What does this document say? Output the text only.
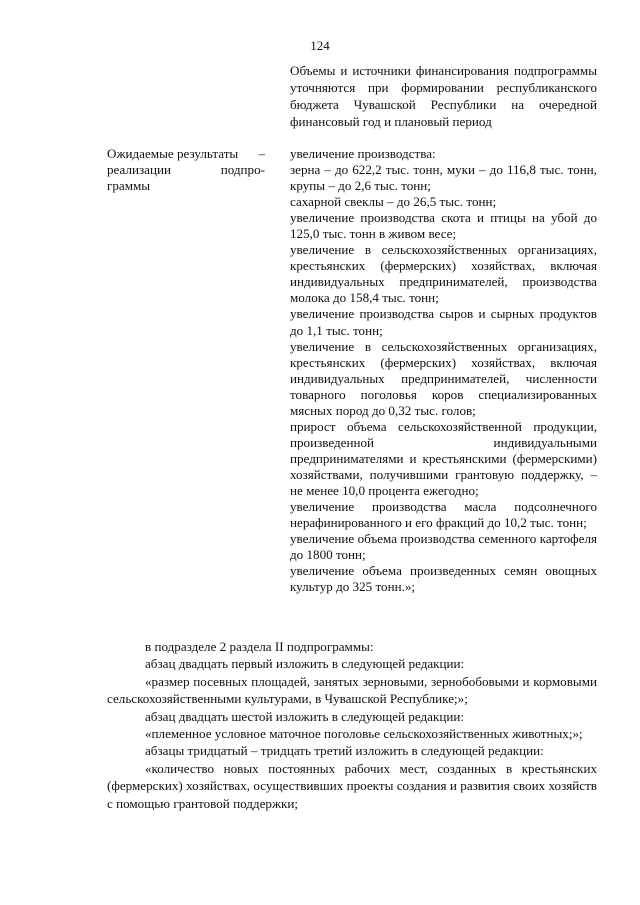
124

Объемы и источники финансирования подпрограммы уточняются при формировании республиканского бюджета Чувашской Республики на очередной финансовый год и плановый период

Ожидаемые результаты –
реализации	подпро-
граммы
увеличение производства:
зерна – до 622,2 тыс. тонн, муки – до 116,8 тыс. тонн, крупы – до 2,6 тыс. тонн;
сахарной свеклы – до 26,5 тыс. тонн;
увеличение производства скота и птицы на убой до 125,0 тыс. тонн в живом весе;
увеличение в сельскохозяйственных организациях, крестьянских (фермерских) хозяйствах, включая индивидуальных предпринимателей, производства молока до 158,4 тыс. тонн;
увеличение производства сыров и сырных продуктов до 1,1 тыс. тонн;
увеличение в сельскохозяйственных организациях, крестьянских (фермерских) хозяйствах, включая индивидуальных предпринимателей, численности товарного поголовья коров специализированных мясных пород до 0,32 тыс. голов;
прирост объема сельскохозяйственной продукции, произведенной индивидуальными предпринимателями и крестьянскими (фермерскими) хозяйствами, получившими грантовую поддержку, – не менее 10,0 процента ежегодно;
увеличение производства масла подсолнечного нерафинированного и его фракций до 10,2 тыс. тонн;
увеличение объема производства семенного картофеля до 1800 тонн;
увеличение объема произведенных семян овощных культур до 325 тонн.»;

в подразделе 2 раздела II подпрограммы:

абзац двадцать первый изложить в следующей редакции:

«размер посевных площадей, занятых зерновыми, зернобобовыми и кормовыми сельскохозяйственными культурами, в Чувашской Республике;»;

абзац двадцать шестой изложить в следующей редакции:

«племенное условное маточное поголовье сельскохозяйственных животных;»;

абзацы тридцатый – тридцать третий изложить в следующей редакции:

«количество новых постоянных рабочих мест, созданных в крестьянских (фермерских) хозяйствах, осуществивших проекты создания и развития своих хозяйств с помощью грантовой поддержки;
